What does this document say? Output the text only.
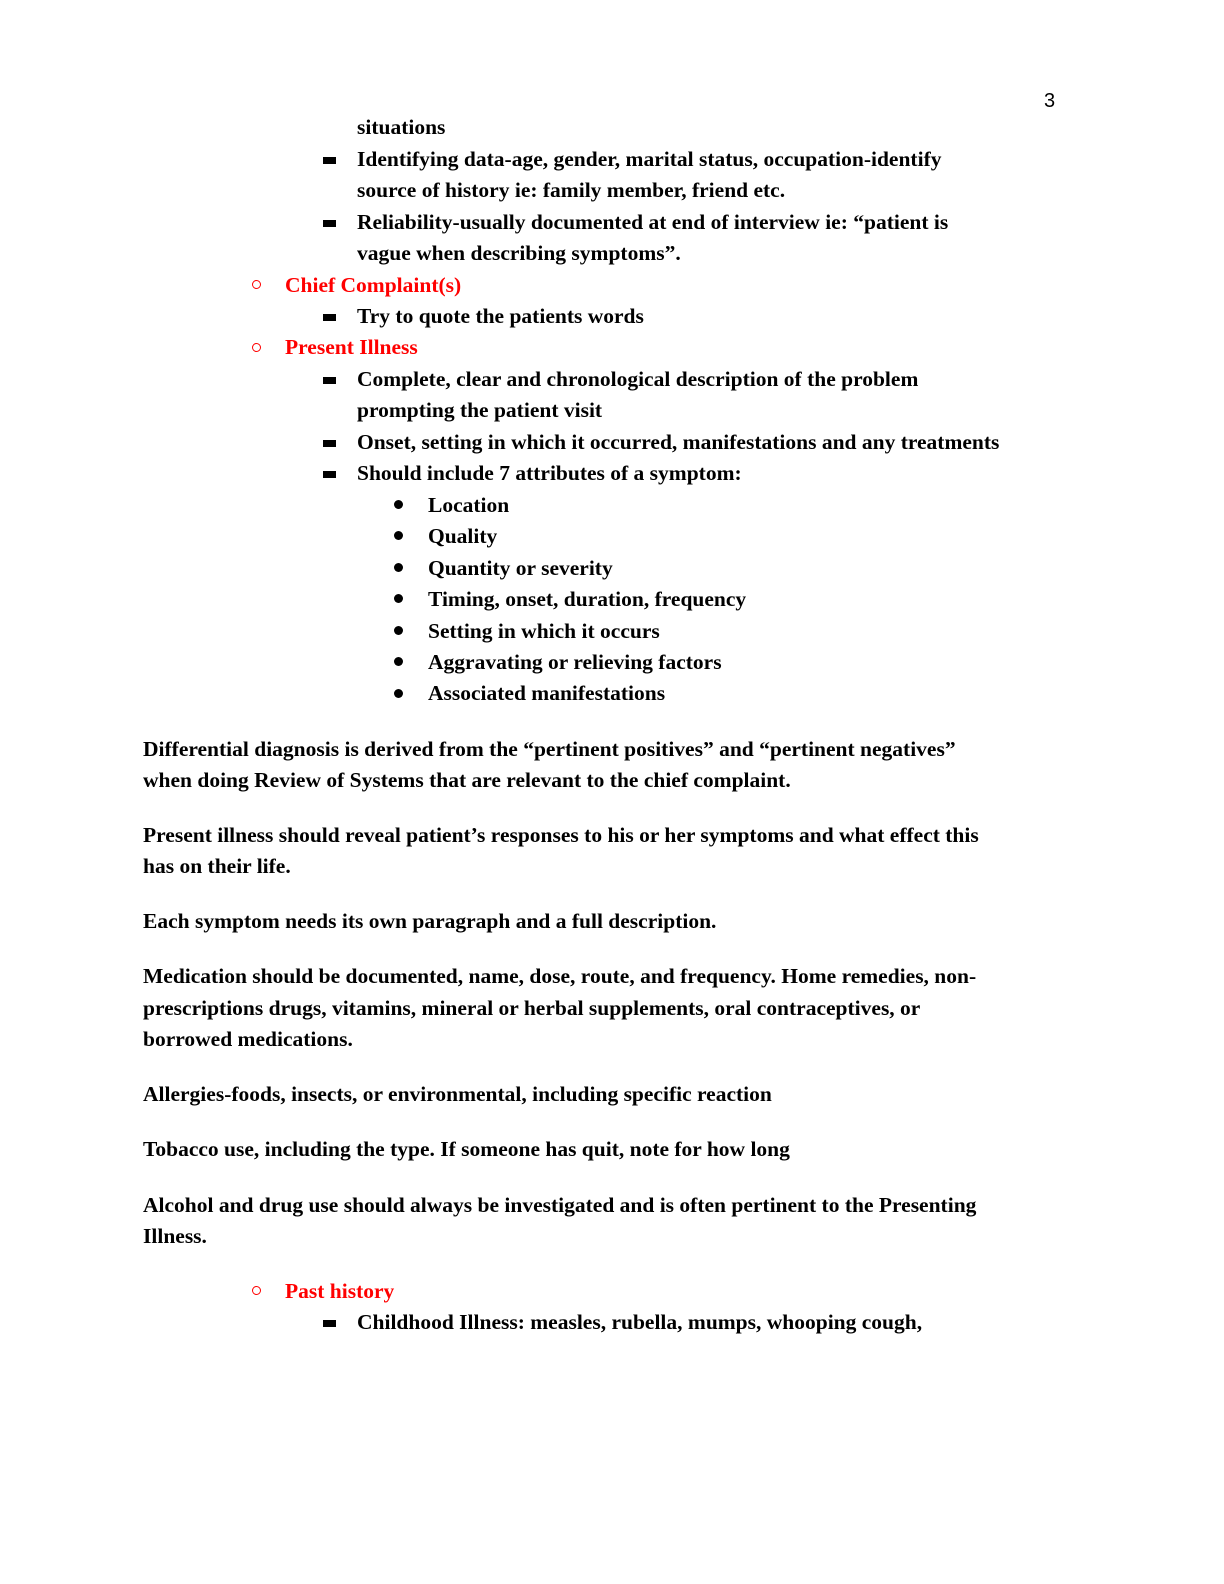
3
situations
Identifying data-age, gender, marital status, occupation-identify
source of history ie: family member, friend etc.
Reliability-usually documented at end of interview ie: “patient is
vague when describing symptoms”.
Chief Complaint(s)
Try to quote the patients words
Present Illness
Complete, clear and chronological description of the problem
prompting the patient visit
Onset, setting in which it occurred, manifestations and any treatments
Should include 7 attributes of a symptom:
Location
Quality
Quantity or severity
Timing, onset, duration, frequency
Setting in which it occurs
Aggravating or relieving factors
Associated manifestations
Differential diagnosis is derived from the “pertinent positives” and “pertinent negatives”
when doing Review of Systems that are relevant to the chief complaint.
Present illness should reveal patient’s responses to his or her symptoms and what effect this
has on their life.
Each symptom needs its own paragraph and a full description.
Medication should be documented, name, dose, route, and frequency. Home remedies, non-
prescriptions drugs, vitamins, mineral or herbal supplements, oral contraceptives, or
borrowed medications.
Allergies-foods, insects, or environmental, including specific reaction
Tobacco use, including the type. If someone has quit, note for how long
Alcohol and drug use should always be investigated and is often pertinent to the Presenting
Illness.
Past history
Childhood Illness: measles, rubella, mumps, whooping cough,
